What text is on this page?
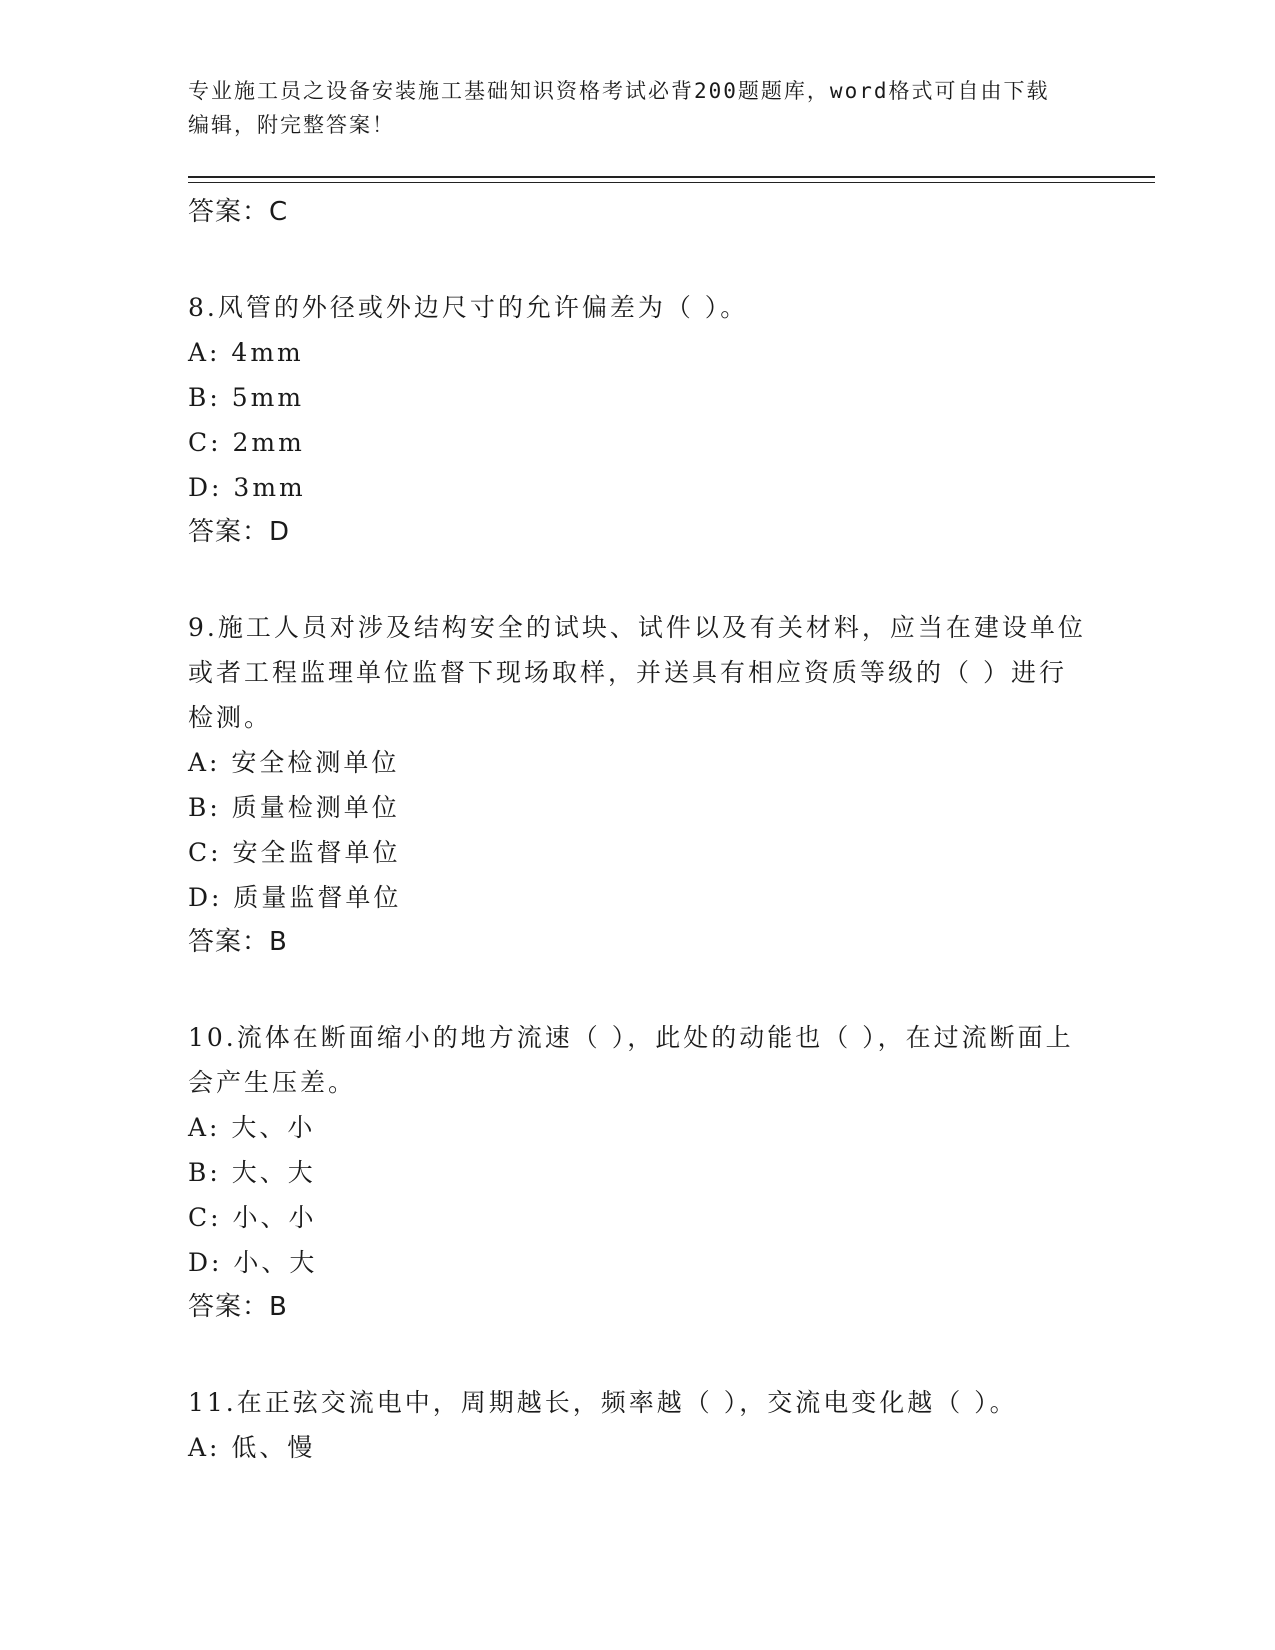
专业施工员之设备安装施工基础知识资格考试必背200题题库，word格式可自由下载编辑，附完整答案！
答案：C
8.风管的外径或外边尺寸的允许偏差为（ ）。
A: 4mm
B: 5mm
C: 2mm
D: 3mm
答案：D
9.施工人员对涉及结构安全的试块、试件以及有关材料，应当在建设单位或者工程监理单位监督下现场取样，并送具有相应资质等级的（ ）进行检测。
A: 安全检测单位
B: 质量检测单位
C: 安全监督单位
D: 质量监督单位
答案：B
10.流体在断面缩小的地方流速（ ），此处的动能也（ ），在过流断面上会产生压差。
A: 大、小
B: 大、大
C: 小、小
D: 小、大
答案：B
11.在正弦交流电中，周期越长，频率越（ ），交流电变化越（ ）。
A: 低、慢
